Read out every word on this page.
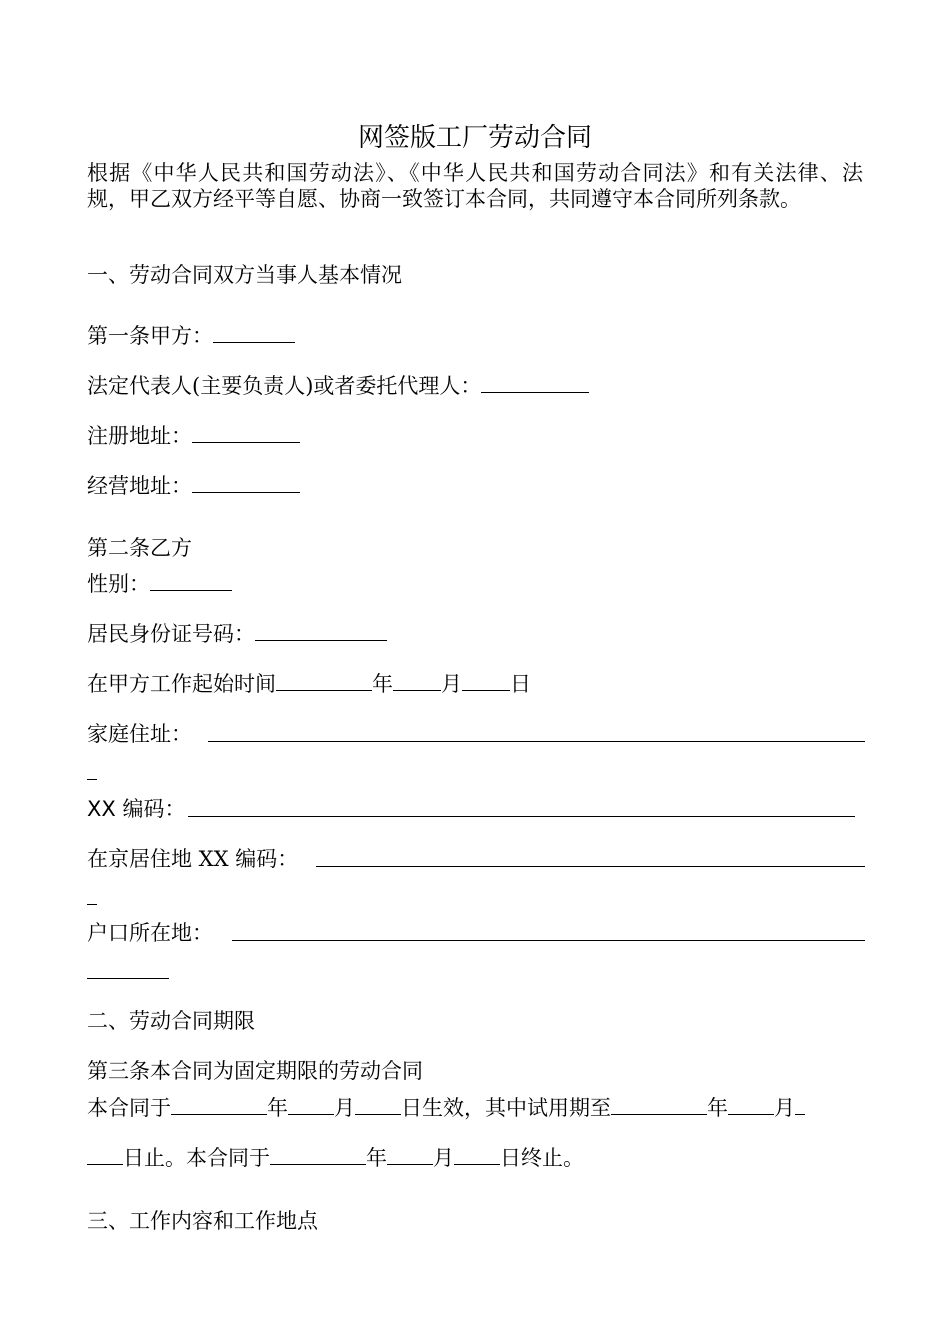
网签版工厂劳动合同
根据《中华人民共和国劳动法》、《中华人民共和国劳动合同法》和有关法律、法规，甲乙双方经平等自愿、协商一致签订本合同，共同遵守本合同所列条款。
一、劳动合同双方当事人基本情况
第一条甲方：
法定代表人(主要负责人)或者委托代理人：
注册地址：
经营地址：
第二条乙方
性别：
居民身份证号码：
在甲方工作起始时间	年 月 日
家庭住址：
XX 编码：
在京居住地 XX 编码：
户口所在地：
二、劳动合同期限
第三条本合同为固定期限的劳动合同
本合同于	年 月 日生效，其中试用期至	年 月
日止。本合同于	年 月 日终止。
三、工作内容和工作地点
